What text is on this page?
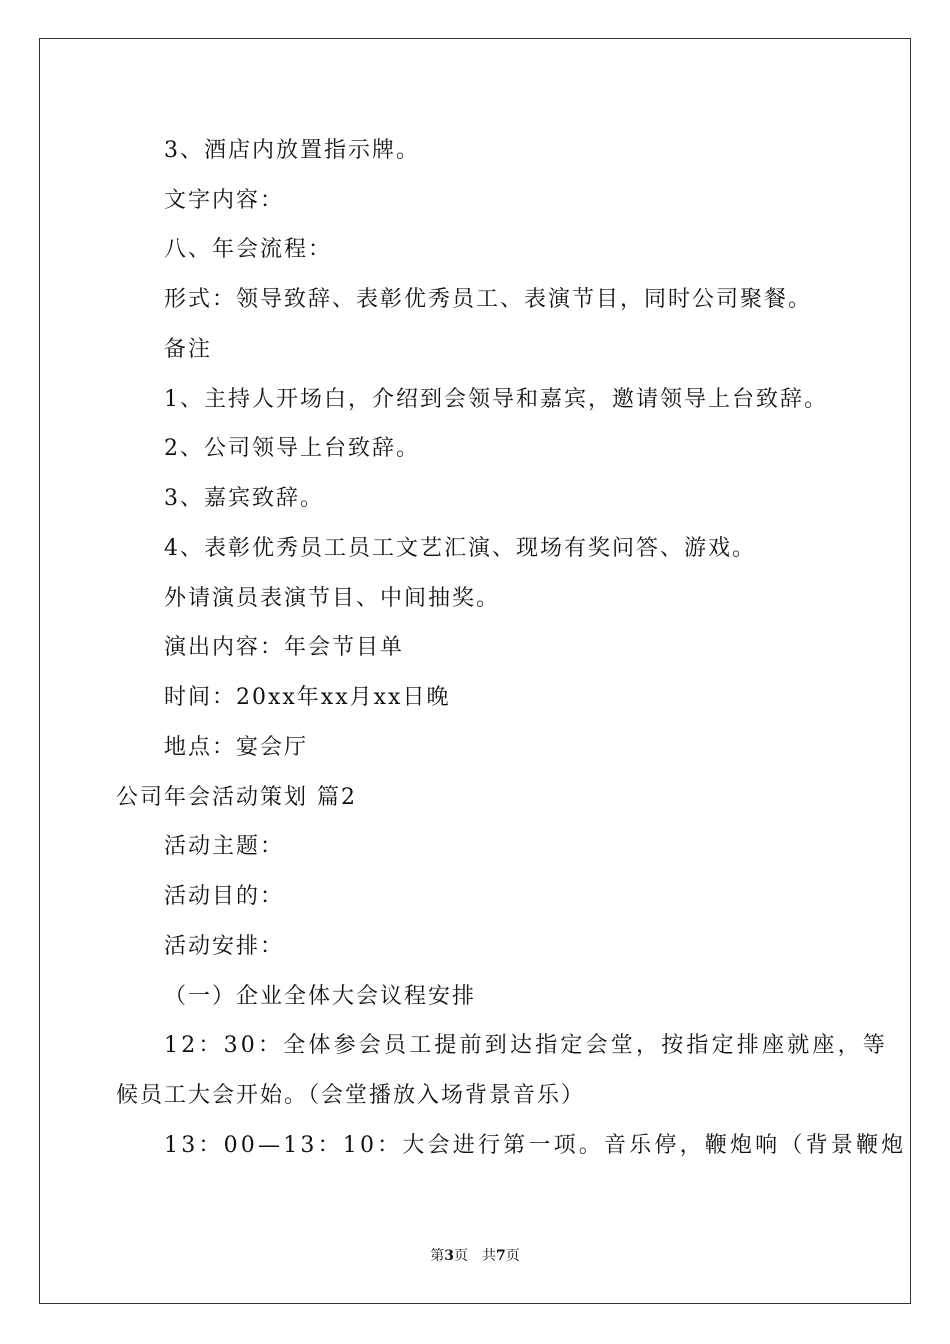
3、酒店内放置指示牌。
文字内容：
八、年会流程：
形式：领导致辞、表彰优秀员工、表演节目，同时公司聚餐。
备注
1、主持人开场白，介绍到会领导和嘉宾，邀请领导上台致辞。
2、公司领导上台致辞。
3、嘉宾致辞。
4、表彰优秀员工员工文艺汇演、现场有奖问答、游戏。
外请演员表演节目、中间抽奖。
演出内容：年会节目单
时间：20xx年xx月xx日晚
地点：宴会厅
公司年会活动策划 篇2
活动主题：
活动目的：
活动安排：
（一）企业全体大会议程安排
12：30：全体参会员工提前到达指定会堂，按指定排座就座，等
候员工大会开始。（会堂播放入场背景音乐）
13：00—13：10：大会进行第一项。音乐停，鞭炮响（背景鞭炮
第3页　共7页
